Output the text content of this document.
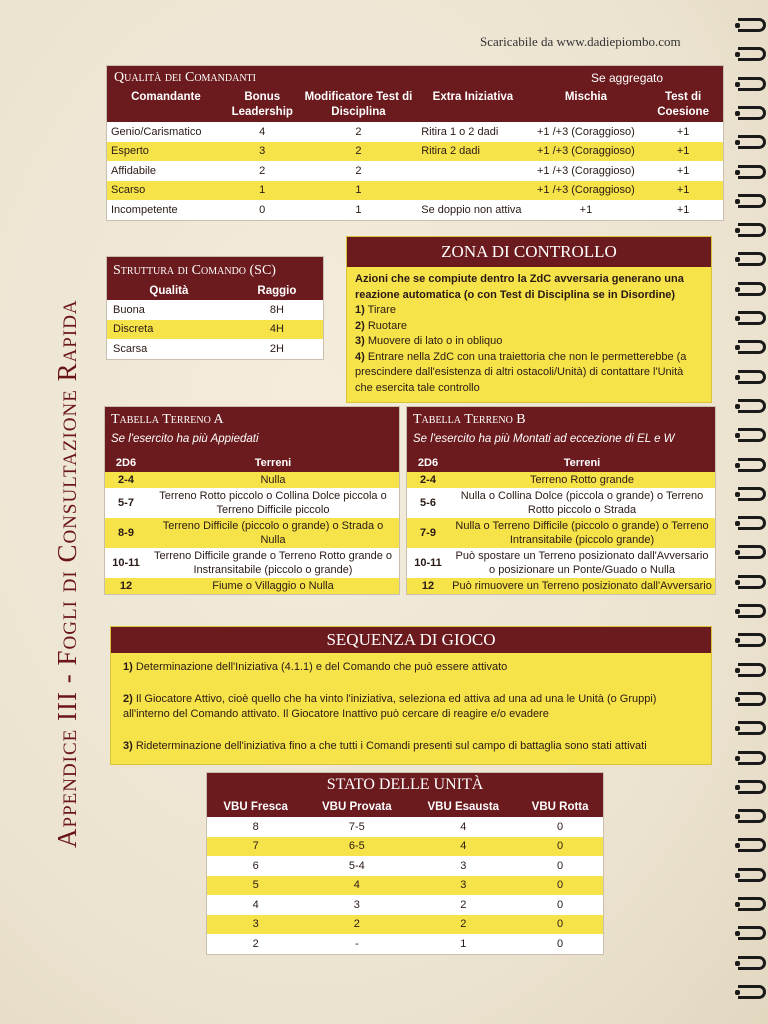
Scaricabile da www.dadiepiombo.com
Appendice III - Fogli di Consultazione Rapida
Qualità dei Comandanti	Se aggregato
Comandante	Bonus Leadership	Modificatore Test di Disciplina	Extra Iniziativa	Mischia	Test di Coesione
Genio/Carismatico	4	2	Ritira 1 o 2 dadi	+1 /+3 (Coraggioso)	+1
Esperto	3	2	Ritira 2 dadi	+1 /+3 (Coraggioso)	+1
Affidabile	2	2		+1 /+3 (Coraggioso)	+1
Scarso	1	1		+1 /+3 (Coraggioso)	+1
Incompetente	0	1	Se doppio non attiva	+1	+1
Struttura di Comando (SC)
Qualità	Raggio
Buona	8H
Discreta	4H
Scarsa	2H
ZONA DI CONTROLLO
Azioni che se compiute dentro la ZdC avversaria generano una reazione automatica (o con Test di Disciplina se in Disordine)
1) Tirare
2) Ruotare
3) Muovere di lato o in obliquo
4) Entrare nella ZdC con una traiettoria che non le permetterebbe (a prescindere dall'esistenza di altri ostacoli/Unità) di contattare l'Unità che esercita tale controllo
Tabella Terreno A
Se l'esercito ha più Appiedati
2D6	Terreni
2-4	Nulla
5-7	Terreno Rotto piccolo o Collina Dolce piccola o Terreno Difficile piccolo
8-9	Terreno Difficile (piccolo o grande) o Strada o Nulla
10-11	Terreno Difficile grande o Terreno Rotto grande o Instransitabile (piccolo o grande)
12	Fiume o Villaggio o Nulla
Tabella Terreno B
Se l'esercito ha più Montati ad eccezione di EL e W
2D6	Terreni
2-4	Terreno Rotto grande
5-6	Nulla o Collina Dolce (piccola o grande) o Terreno Rotto piccolo o Strada
7-9	Nulla o Terreno Difficile (piccolo o grande) o Terreno Intransitabile (piccolo grande)
10-11	Può spostare un Terreno posizionato dall'Avversario o posizionare un Ponte/Guado o Nulla
12	Può rimuovere un Terreno posizionato dall'Avversario
SEQUENZA DI GIOCO

1) Determinazione dell'Iniziativa (4.1.1) e del Comando che può essere attivato

2) Il Giocatore Attivo, cioè quello che ha vinto l'iniziativa, seleziona ed attiva ad una ad una le Unità (o Gruppi) all'interno del Comando attivato. Il Giocatore Inattivo può cercare di reagire e/o evadere

3) Rideterminazione dell'iniziativa fino a che tutti i Comandi presenti sul campo di battaglia sono stati attivati

STATO DELLE UNITÀ
VBU Fresca	VBU Provata	VBU Esausta	VBU Rotta
8	7-5	4	0
7	6-5	4	0
6	5-4	3	0
5	4	3	0
4	3	2	0
3	2	2	0
2	-	1	0
